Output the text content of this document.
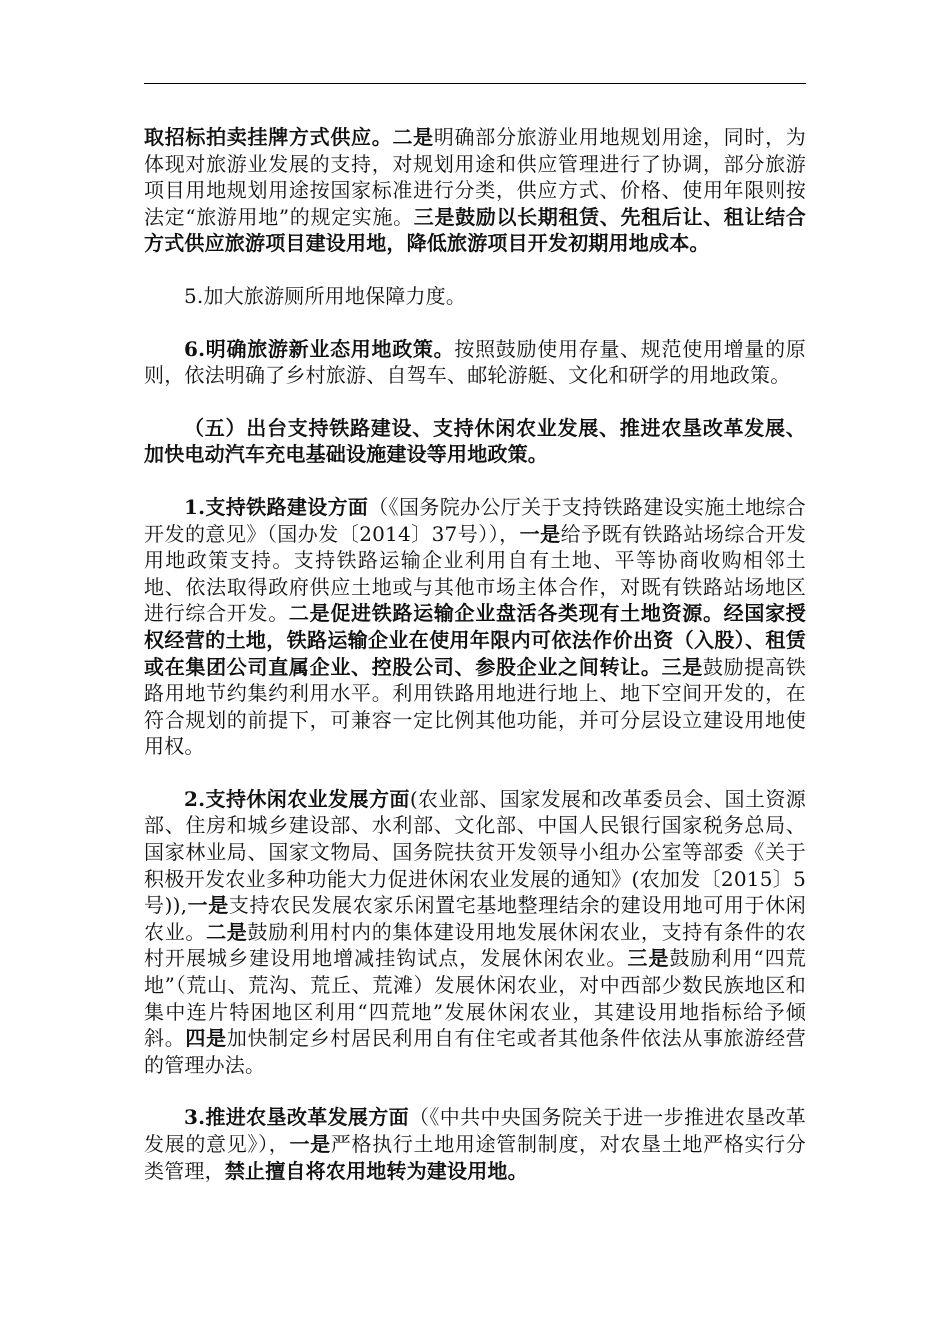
取招标拍卖挂牌方式供应。二是明确部分旅游业用地规划用途，同时，为体现对旅游业发展的支持，对规划用途和供应管理进行了协调，部分旅游项目用地规划用途按国家标准进行分类，供应方式、价格、使用年限则按法定“旅游用地”的规定实施。三是鼓励以长期租赁、先租后让、租让结合方式供应旅游项目建设用地，降低旅游项目开发初期用地成本。

5.加大旅游厕所用地保障力度。

6.明确旅游新业态用地政策。按照鼓励使用存量、规范使用增量的原则，依法明确了乡村旅游、自驾车、邮轮游艇、文化和研学的用地政策。

（五）出台支持铁路建设、支持休闲农业发展、推进农垦改革发展、加快电动汽车充电基础设施建设等用地政策。

1.支持铁路建设方面（《国务院办公厅关于支持铁路建设实施土地综合开发的意见》（国办发〔2014〕37号）），一是给予既有铁路站场综合开发用地政策支持。支持铁路运输企业利用自有土地、平等协商收购相邻土地、依法取得政府供应土地或与其他市场主体合作，对既有铁路站场地区进行综合开发。二是促进铁路运输企业盘活各类现有土地资源。经国家授权经营的土地，铁路运输企业在使用年限内可依法作价出资（入股）、租赁或在集团公司直属企业、控股公司、参股企业之间转让。三是鼓励提高铁路用地节约集约利用水平。利用铁路用地进行地上、地下空间开发的，在符合规划的前提下，可兼容一定比例其他功能，并可分层设立建设用地使用权。

2.支持休闲农业发展方面(农业部、国家发展和改革委员会、国土资源部、住房和城乡建设部、水利部、文化部、中国人民银行国家税务总局、国家林业局、国家文物局、国务院扶贫开发领导小组办公室等部委《关于积极开发农业多种功能大力促进休闲农业发展的通知》(农加发〔2015〕5号)),一是支持农民发展农家乐闲置宅基地整理结余的建设用地可用于休闲农业。二是鼓励利用村内的集体建设用地发展休闲农业，支持有条件的农村开展城乡建设用地增减挂钩试点，发展休闲农业。三是鼓励利用“四荒地”（荒山、荒沟、荒丘、荒滩）发展休闲农业，对中西部少数民族地区和集中连片特困地区利用“四荒地”发展休闲农业，其建设用地指标给予倾斜。四是加快制定乡村居民利用自有住宅或者其他条件依法从事旅游经营的管理办法。

3.推进农垦改革发展方面（《中共中央国务院关于进一步推进农垦改革发展的意见》），一是严格执行土地用途管制制度，对农垦土地严格实行分类管理，禁止擅自将农用地转为建设用地。
